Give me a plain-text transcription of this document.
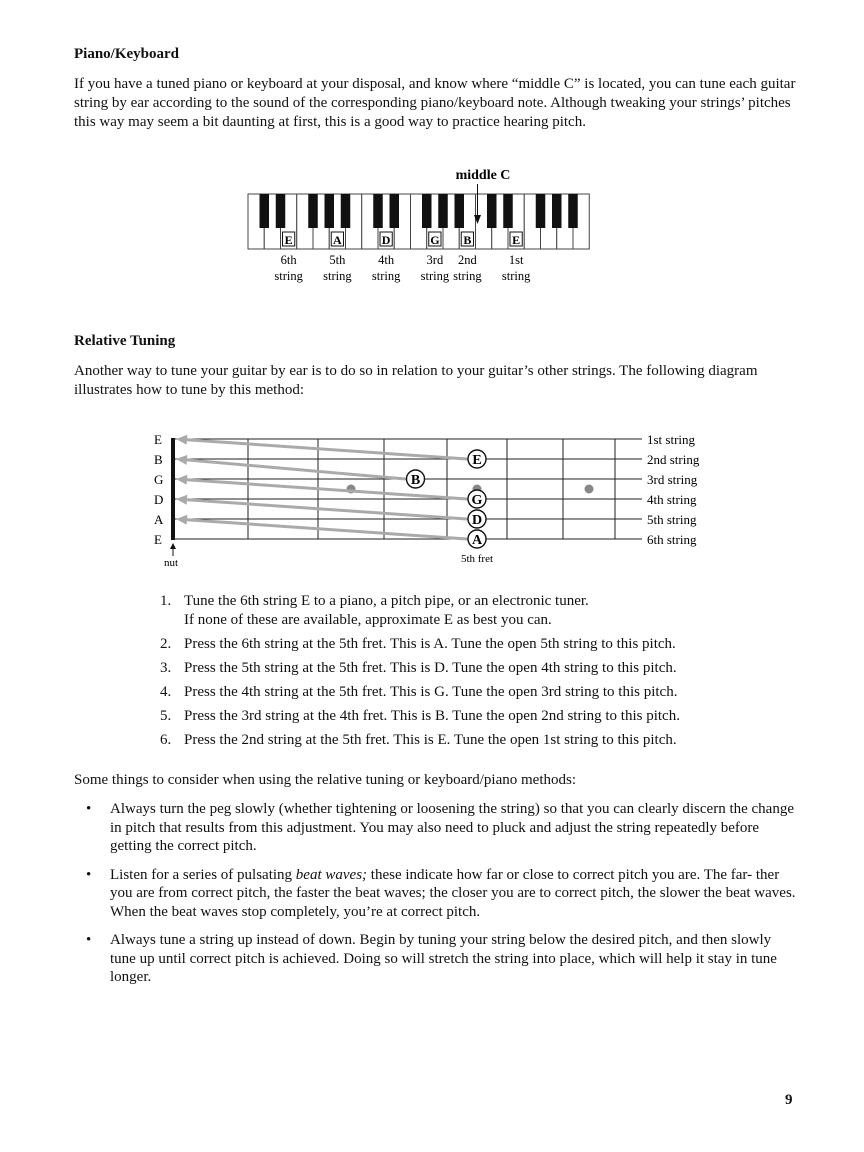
Piano/Keyboard

If you have a tuned piano or keyboard at your disposal, and know where “middle C” is located, you can tune each guitar string by ear according to the sound of the corresponding piano/keyboard note. Although tweaking your strings’ pitches this way may seem a bit daunting at first, this is a good way to practice hearing pitch.

middle C
E	A	D	G B	E
6th
string
5th
string
4th
string
3rd
string
2nd
string
1st
string
Relative Tuning

Another way to tune your guitar by ear is to do so in relation to your guitar’s other strings. The following diagram illustrates how to tune by this method:

E
B
G
D
A
E	1st string
B	2nd string
G	3rd string
D	4th string
A	5th string
E	6th string
nut	5th fret
1. Tune the 6th string E to a piano, a pitch pipe, or an electronic tuner.
If none of these are available, approximate E as best you can.
2. Press the 6th string at the 5th fret. This is A. Tune the open 5th string to this pitch.
3. Press the 5th string at the 5th fret. This is D. Tune the open 4th string to this pitch.
4. Press the 4th string at the 5th fret. This is G. Tune the open 3rd string to this pitch.
5. Press the 3rd string at the 4th fret. This is B. Tune the open 2nd string to this pitch.
6. Press the 2nd string at the 5th fret. This is E. Tune the open 1st string to this pitch.

Some things to consider when using the relative tuning or keyboard/piano methods:

•	Always turn the peg slowly (whether tightening or loosening the string) so that you can clearly discern the change in pitch that results from this adjustment. You may also need to pluck and adjust the string repeatedly before getting the correct pitch.
•	Listen for a series of pulsating beat waves; these indicate how far or close to correct pitch you are. The far- ther you are from correct pitch, the faster the beat waves; the closer you are to correct pitch, the slower the beat waves. When the beat waves stop completely, you’re at correct pitch.
•	Always tune a string up instead of down. Begin by tuning your string below the desired pitch, and then slowly tune up until correct pitch is achieved. Doing so will stretch the string into place, which will help it stay in tune longer.
9
